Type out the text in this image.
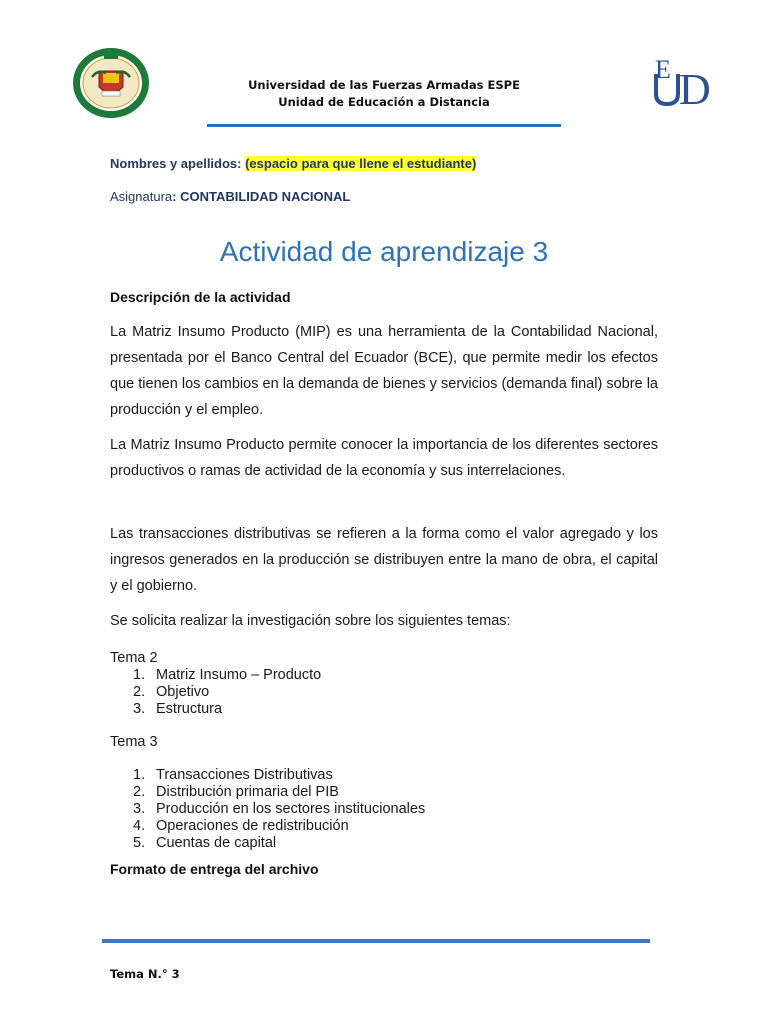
Universidad de las Fuerzas Armadas ESPE
Unidad de Educación a Distancia
E D
Nombres y apellidos: (espacio para que llene el estudiante)
Asignatura: CONTABILIDAD NACIONAL
Actividad de aprendizaje 3
Descripción de la actividad

La Matriz Insumo Producto (MIP) es una herramienta de la Contabilidad Nacional, presentada por el Banco Central del Ecuador (BCE), que permite medir los efectos que tienen los cambios en la demanda de bienes y servicios (demanda final) sobre la producción y el empleo.

La Matriz Insumo Producto permite conocer la importancia de los diferentes sectores productivos o ramas de actividad de la economía y sus interrelaciones.

Las transacciones distributivas se refieren a la forma como el valor agregado y los ingresos generados en la producción se distribuyen entre la mano de obra, el capital y el gobierno.

Se solicita realizar la investigación sobre los siguientes temas:
Tema 2
1. Matriz Insumo – Producto
2. Objetivo
3. Estructura
Tema 3
1. Transacciones Distributivas
2. Distribución primaria del PIB
3. Producción en los sectores institucionales
4. Operaciones de redistribución
5. Cuentas de capital
Formato de entrega del archivo
Tema N.° 3
